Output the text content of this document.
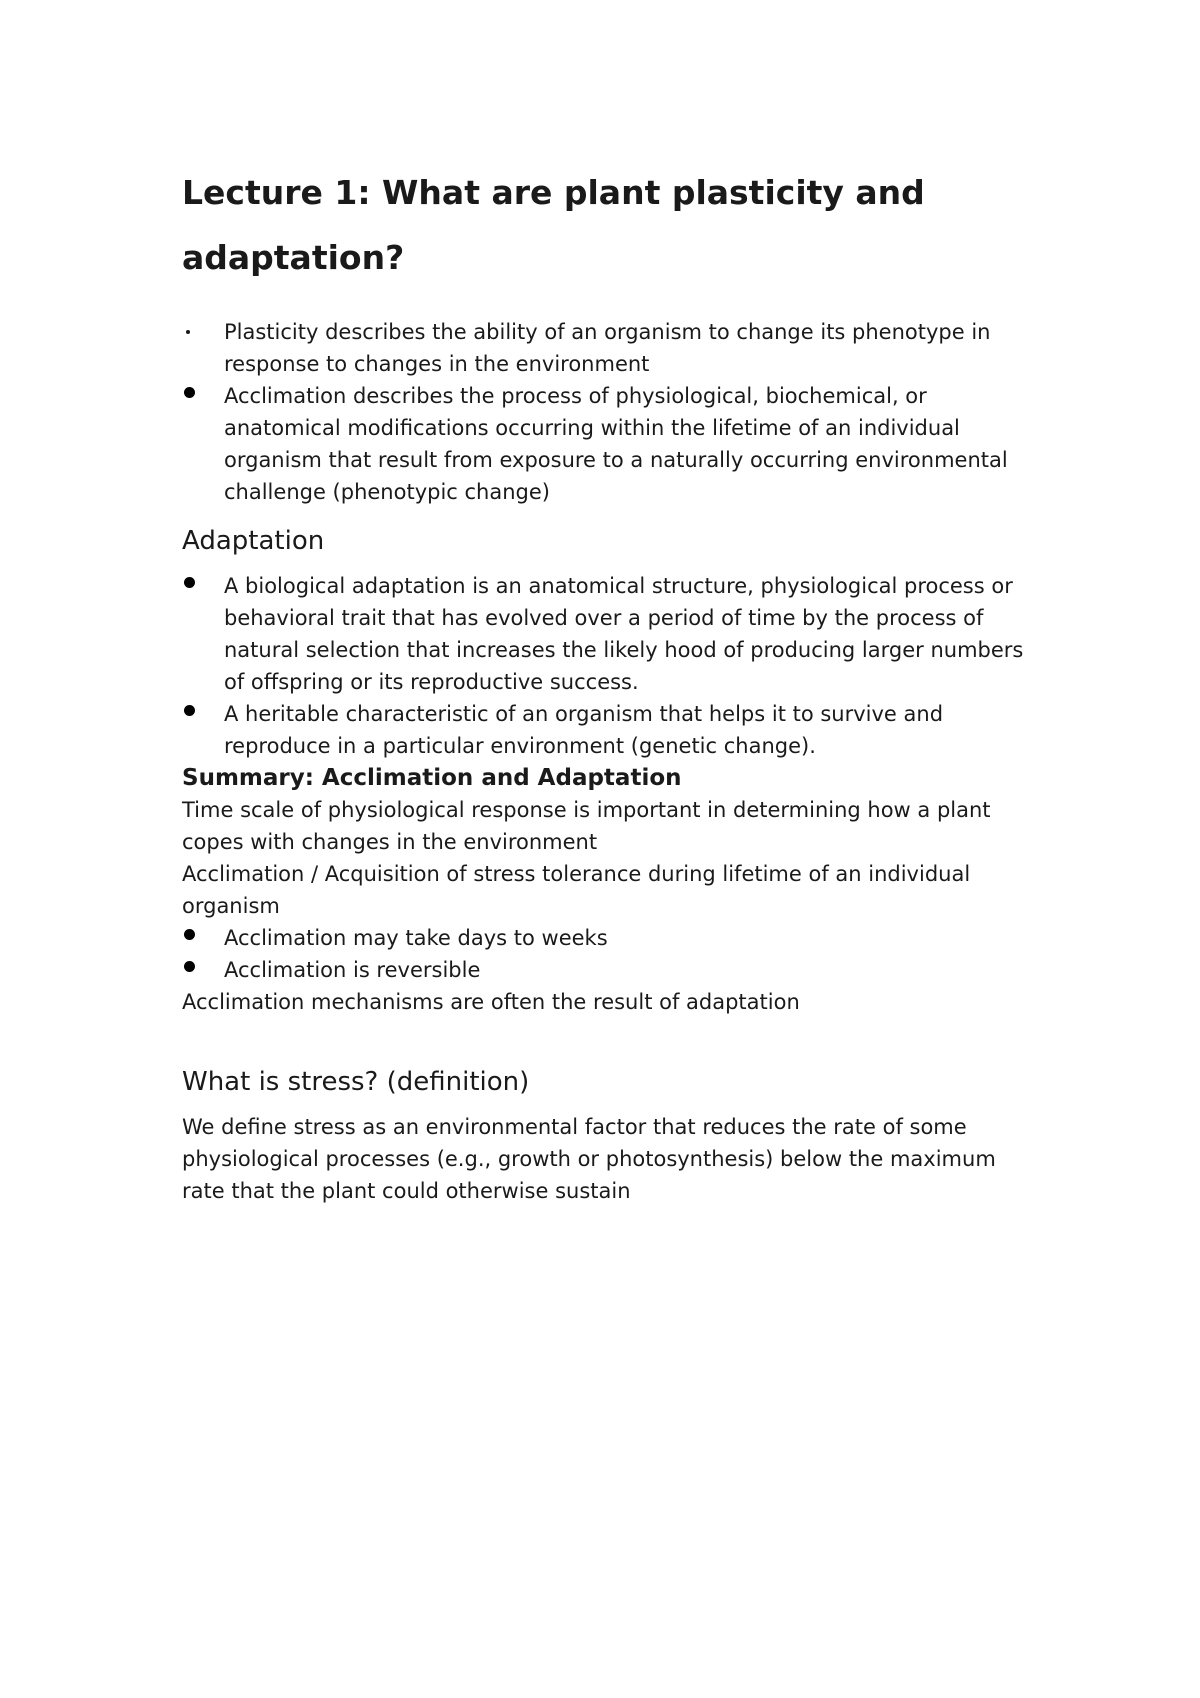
Lecture 1: What are plant plasticity and adaptation?
Plasticity describes the ability of an organism to change its phenotype in response to changes in the environment
Acclimation describes the process of physiological, biochemical, or anatomical modifications occurring within the lifetime of an individual organism that result from exposure to a naturally occurring environmental challenge (phenotypic change)
Adaptation
A biological adaptation is an anatomical structure, physiological process or behavioral trait that has evolved over a period of time by the process of natural selection that increases the likely hood of producing larger numbers of offspring or its reproductive success.
A heritable characteristic of an organism that helps it to survive and reproduce in a particular environment (genetic change).
Summary: Acclimation and Adaptation

Time scale of physiological response is important in determining how a plant copes with changes in the environment

Acclimation / Acquisition of stress tolerance during lifetime of an individual organism

Acclimation may take days to weeks
Acclimation is reversible

Acclimation mechanisms are often the result of adaptation

What is stress? (definition)

We define stress as an environmental factor that reduces the rate of some physiological processes (e.g., growth or photosynthesis) below the maximum rate that the plant could otherwise sustain
